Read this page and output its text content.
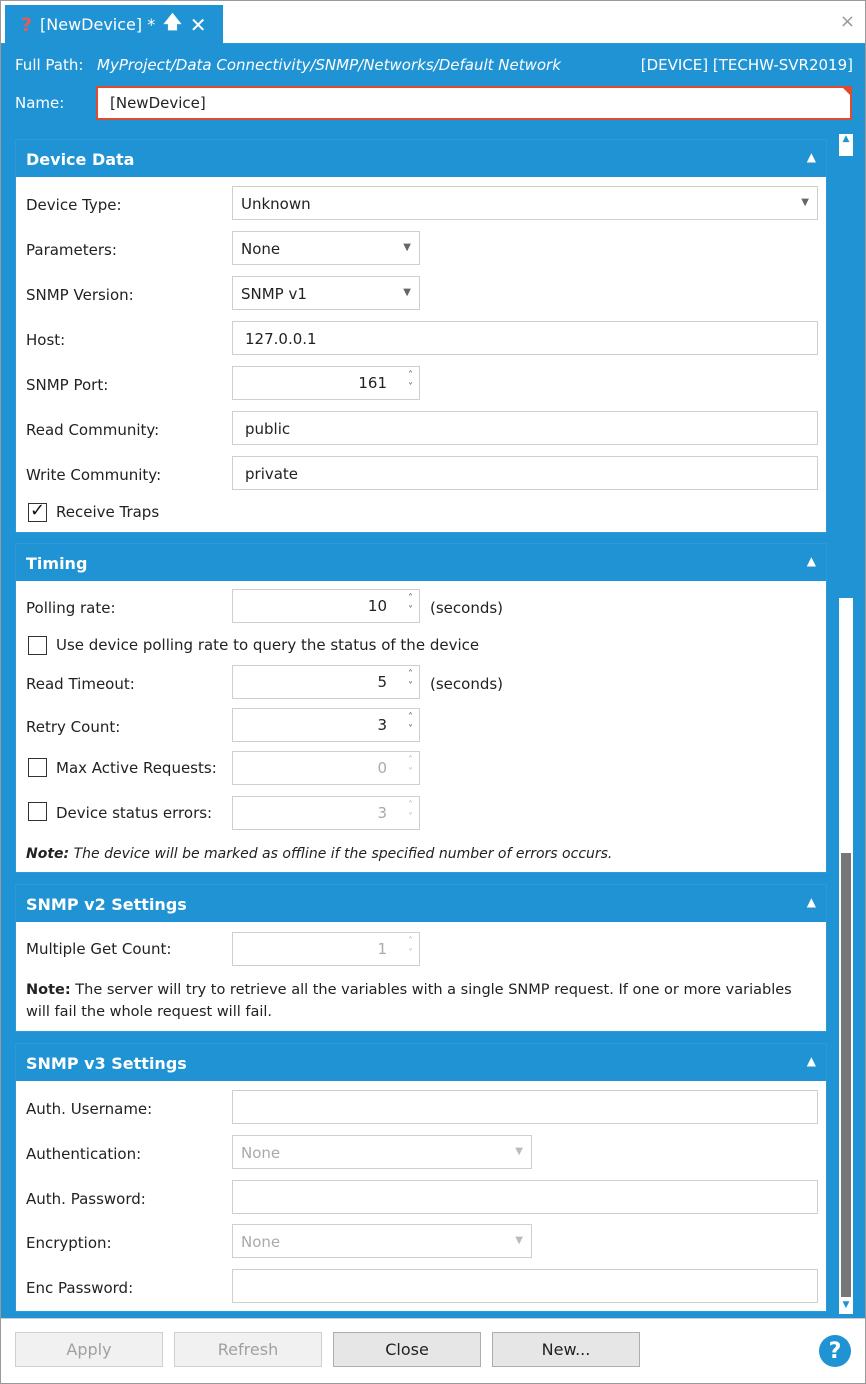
? [NewDevice] * 🡅 ✕	×
Full Path: MyProject/Data Connectivity/SNMP/Networks/Default Network	[DEVICE] [TECHW-SVR2019]
Name:	[NewDevice]
Device Data	▲
Device Type:	Unknown	▼
Parameters:	None	▼
SNMP Version:	SNMP v1	▼
Host:	127.0.0.1
SNMP Port:	161 ˄
˅
Read Community:	public
Write Community:	private
✓
Receive Traps
Timing	▲
Polling rate:	10 ˄
˅ (seconds)
Use device polling rate to query the status of the device
Read Timeout:	5 ˄
˅ (seconds)
Retry Count:	3 ˄
˅
Max Active Requests:	0 ˄
˅
Device status errors:	3 ˄
˅
Note: The device will be marked as offline if the specified number of errors occurs.
SNMP v2 Settings	▲
Multiple Get Count:	1 ˄
˅
Note: The server will try to retrieve all the variables with a single SNMP request. If one or more variables will fail the whole request will fail.
SNMP v3 Settings	▲
Auth. Username:
Authentication:	None	▼
Auth. Password:
Encryption:	None	▼
Enc Password:
▲
▼
Apply	Refresh	Close	New...	?
